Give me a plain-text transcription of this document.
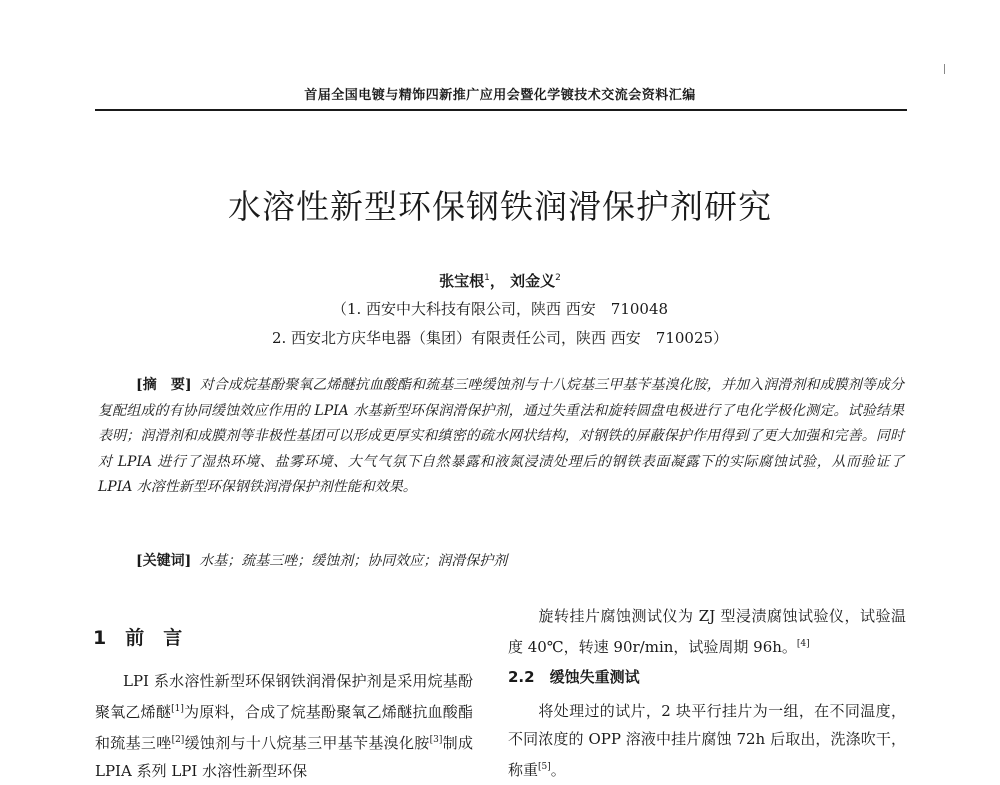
首届全国电镀与精饰四新推广应用会暨化学镀技术交流会资料汇编
水溶性新型环保钢铁润滑保护剂研究
张宝根$^1$， 刘金义$^2$
（1. 西安中大科技有限公司，陕西 西安　710048
2. 西安北方庆华电器（集团）有限责任公司，陕西 西安　710025）
[摘　要] 对合成烷基酚聚氧乙烯醚抗血酸酯和巯基三唑缓蚀剂与十八烷基三甲基苄基溴化胺，并加入润滑剂和成膜剂等成分复配组成的有协同缓蚀效应作用的 LPIA 水基新型环保润滑保护剂，通过失重法和旋转圆盘电极进行了电化学极化测定。试验结果表明；润滑剂和成膜剂等非极性基团可以形成更厚实和缜密的疏水网状结构，对钢铁的屏蔽保护作用得到了更大加强和完善。同时对 LPIA 进行了湿热环境、盐雾环境、大气气氛下自然暴露和液氮浸渍处理后的钢铁表面凝露下的实际腐蚀试验，从而验证了 LPIA 水溶性新型环保钢铁润滑保护剂性能和效果。
[关键词] 水基；巯基三唑；缓蚀剂；协同效应；润滑保护剂
1　前　言
LPI 系水溶性新型环保钢铁润滑保护剂是采用烷基酚聚氧乙烯醚[1]为原料，合成了烷基酚聚氧乙烯醚抗血酸酯和巯基三唑[2]缓蚀剂与十八烷基三甲基苄基溴化胺[3]制成 LPIA 系列 LPI 水溶性新型环保
旋转挂片腐蚀测试仪为 ZJ 型浸渍腐蚀试验仪，试验温度 40℃，转速 90r/min，试验周期 96h。[4]
2.2　缓蚀失重测试
将处理过的试片，2 块平行挂片为一组，在不同温度，不同浓度的 OPP 溶液中挂片腐蚀 72h 后取出，洗涤吹干，称重[5]。
